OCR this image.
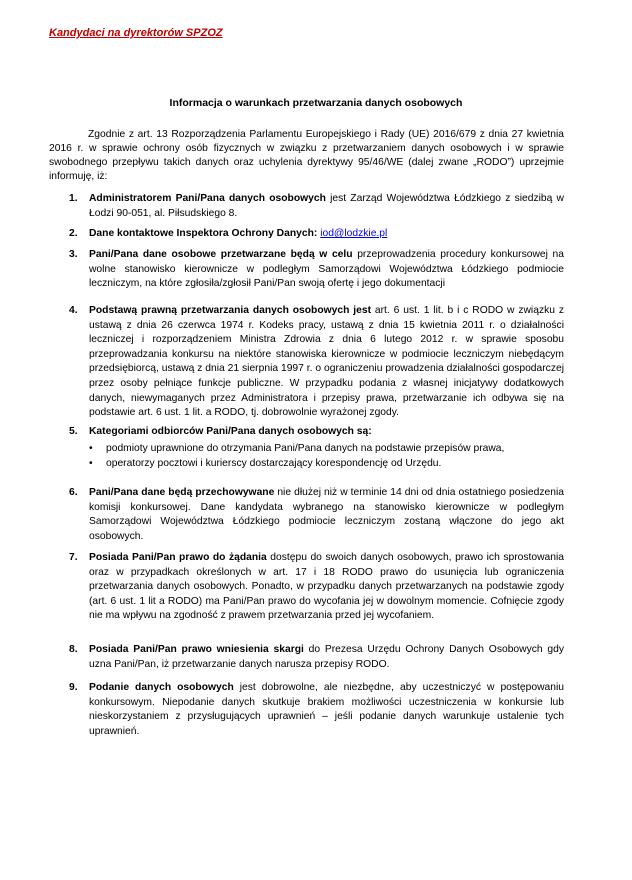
Kandydaci na dyrektorów SPZOZ
Informacja o warunkach przetwarzania danych osobowych
Zgodnie z art. 13 Rozporządzenia Parlamentu Europejskiego i Rady (UE) 2016/679 z dnia 27 kwietnia 2016 r. w sprawie ochrony osób fizycznych w związku z przetwarzaniem danych osobowych i w sprawie swobodnego przepływu takich danych oraz uchylenia dyrektywy 95/46/WE (dalej zwane „RODO”) uprzejmie informuję, iż:
1. Administratorem Pani/Pana danych osobowych jest Zarząd Województwa Łódzkiego z siedzibą w Łodzi 90-051, al. Piłsudskiego 8.
2. Dane kontaktowe Inspektora Ochrony Danych: iod@lodzkie.pl
3. Pani/Pana dane osobowe przetwarzane będą w celu przeprowadzenia procedury konkursowej na wolne stanowisko kierownicze w podległym Samorządowi Województwa Łódzkiego podmiocie leczniczym, na które zgłosiła/zgłosił Pani/Pan swoją ofertę i jego dokumentacji
4. Podstawą prawną przetwarzania danych osobowych jest art. 6 ust. 1 lit. b i c RODO w związku z ustawą z dnia 26 czerwca 1974 r. Kodeks pracy, ustawą z dnia 15 kwietnia 2011 r. o działalności leczniczej i rozporządzeniem Ministra Zdrowia z dnia 6 lutego 2012 r. w sprawie sposobu przeprowadzania konkursu na niektóre stanowiska kierownicze w podmiocie leczniczym niebędącym przedsiębiorcą, ustawą z dnia 21 sierpnia 1997 r. o ograniczeniu prowadzenia działalności gospodarczej przez osoby pełniące funkcje publiczne. W przypadku podania z własnej inicjatywy dodatkowych danych, niewymaganych przez Administratora i przepisy prawa, przetwarzanie ich odbywa się na podstawie art. 6 ust. 1 lit. a RODO, tj. dobrowolnie wyrażonej zgody.
5. Kategoriami odbiorców Pani/Pana danych osobowych są:
• podmioty uprawnione do otrzymania Pani/Pana danych na podstawie przepisów prawa,
• operatorzy pocztowi i kurierscy dostarczający korespondencję od Urzędu.
6. Pani/Pana dane będą przechowywane nie dłużej niż w terminie 14 dni od dnia ostatniego posiedzenia komisji konkursowej. Dane kandydata wybranego na stanowisko kierownicze w podległym Samorządowi Województwa Łódzkiego podmiocie leczniczym zostaną włączone do jego akt osobowych.
7. Posiada Pani/Pan prawo do żądania dostępu do swoich danych osobowych, prawo ich sprostowania oraz w przypadkach określonych w art. 17 i 18 RODO prawo do usunięcia lub ograniczenia przetwarzania danych osobowych. Ponadto, w przypadku danych przetwarzanych na podstawie zgody (art. 6 ust. 1 lit a RODO) ma Pani/Pan prawo do wycofania jej w dowolnym momencie. Cofnięcie zgody nie ma wpływu na zgodność z prawem przetwarzania przed jej wycofaniem.
8. Posiada Pani/Pan prawo wniesienia skargi do Prezesa Urzędu Ochrony Danych Osobowych gdy uzna Pani/Pan, iż przetwarzanie danych narusza przepisy RODO.
9. Podanie danych osobowych jest dobrowolne, ale niezbędne, aby uczestniczyć w postępowaniu konkursowym. Niepodanie danych skutkuje brakiem możliwości uczestniczenia w konkursie lub nieskorzystaniem z przysługujących uprawnień – jeśli podanie danych warunkuje ustalenie tych uprawnień.
